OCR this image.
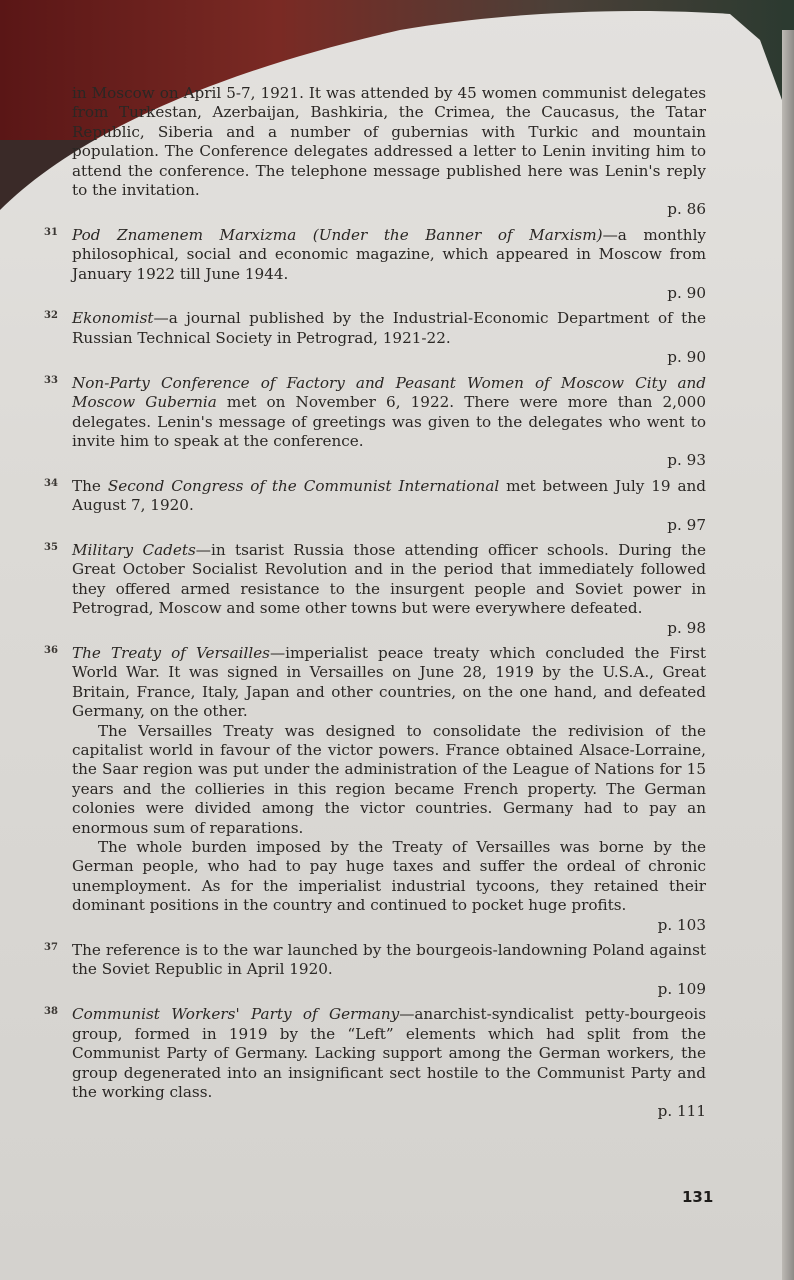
in Moscow on April 5-7, 1921. It was attended by 45 women communist delegates from Turkestan, Azerbaijan, Bashkiria, the Crimea, the Caucasus, the Tatar Republic, Siberia and a number of gubernias with Turkic and mountain population. The Conference delegates addressed a letter to Lenin inviting him to attend the conference. The telephone message published here was Lenin's reply to the invitation.

p. 86
31 Pod Znamenem Marxizma (Under the Banner of Marxism)—a monthly philosophical, social and economic magazine, which appeared in Moscow from January 1922 till June 1944.

p. 90
32 Ekonomist—a journal published by the Industrial-Economic Department of the Russian Technical Society in Petrograd, 1921-22.

p. 90
33 Non-Party Conference of Factory and Peasant Women of Moscow City and Moscow Gubernia met on November 6, 1922. There were more than 2,000 delegates. Lenin's message of greetings was given to the delegates who went to invite him to speak at the conference.

p. 93
34 The Second Congress of the Communist International met between July 19 and August 7, 1920.

p. 97
35 Military Cadets—in tsarist Russia those attending officer schools. During the Great October Socialist Revolution and in the period that immediately followed they offered armed resistance to the insurgent people and Soviet power in Petrograd, Moscow and some other towns but were everywhere defeated.

p. 98
36 The Treaty of Versailles—imperialist peace treaty which concluded the First World War. It was signed in Versailles on June 28, 1919 by the U.S.A., Great Britain, France, Italy, Japan and other countries, on the one hand, and defeated Germany, on the other.

The Versailles Treaty was designed to consolidate the redivision of the capitalist world in favour of the victor powers. France obtained Alsace-Lorraine, the Saar region was put under the administration of the League of Nations for 15 years and the collieries in this region became French property. The German colonies were divided among the victor countries. Germany had to pay an enormous sum of reparations.

The whole burden imposed by the Treaty of Versailles was borne by the German people, who had to pay huge taxes and suffer the ordeal of chronic unemployment. As for the imperialist industrial tycoons, they retained their dominant positions in the country and continued to pocket huge profits.

p. 103
37 The reference is to the war launched by the bourgeois-landowning Poland against the Soviet Republic in April 1920.

p. 109
38 Communist Workers' Party of Germany—anarchist-syndicalist petty-bourgeois group, formed in 1919 by the “Left” elements which had split from the Communist Party of Germany. Lacking support among the German workers, the group degenerated into an insignificant sect hostile to the Communist Party and the working class.

p. 111
131
